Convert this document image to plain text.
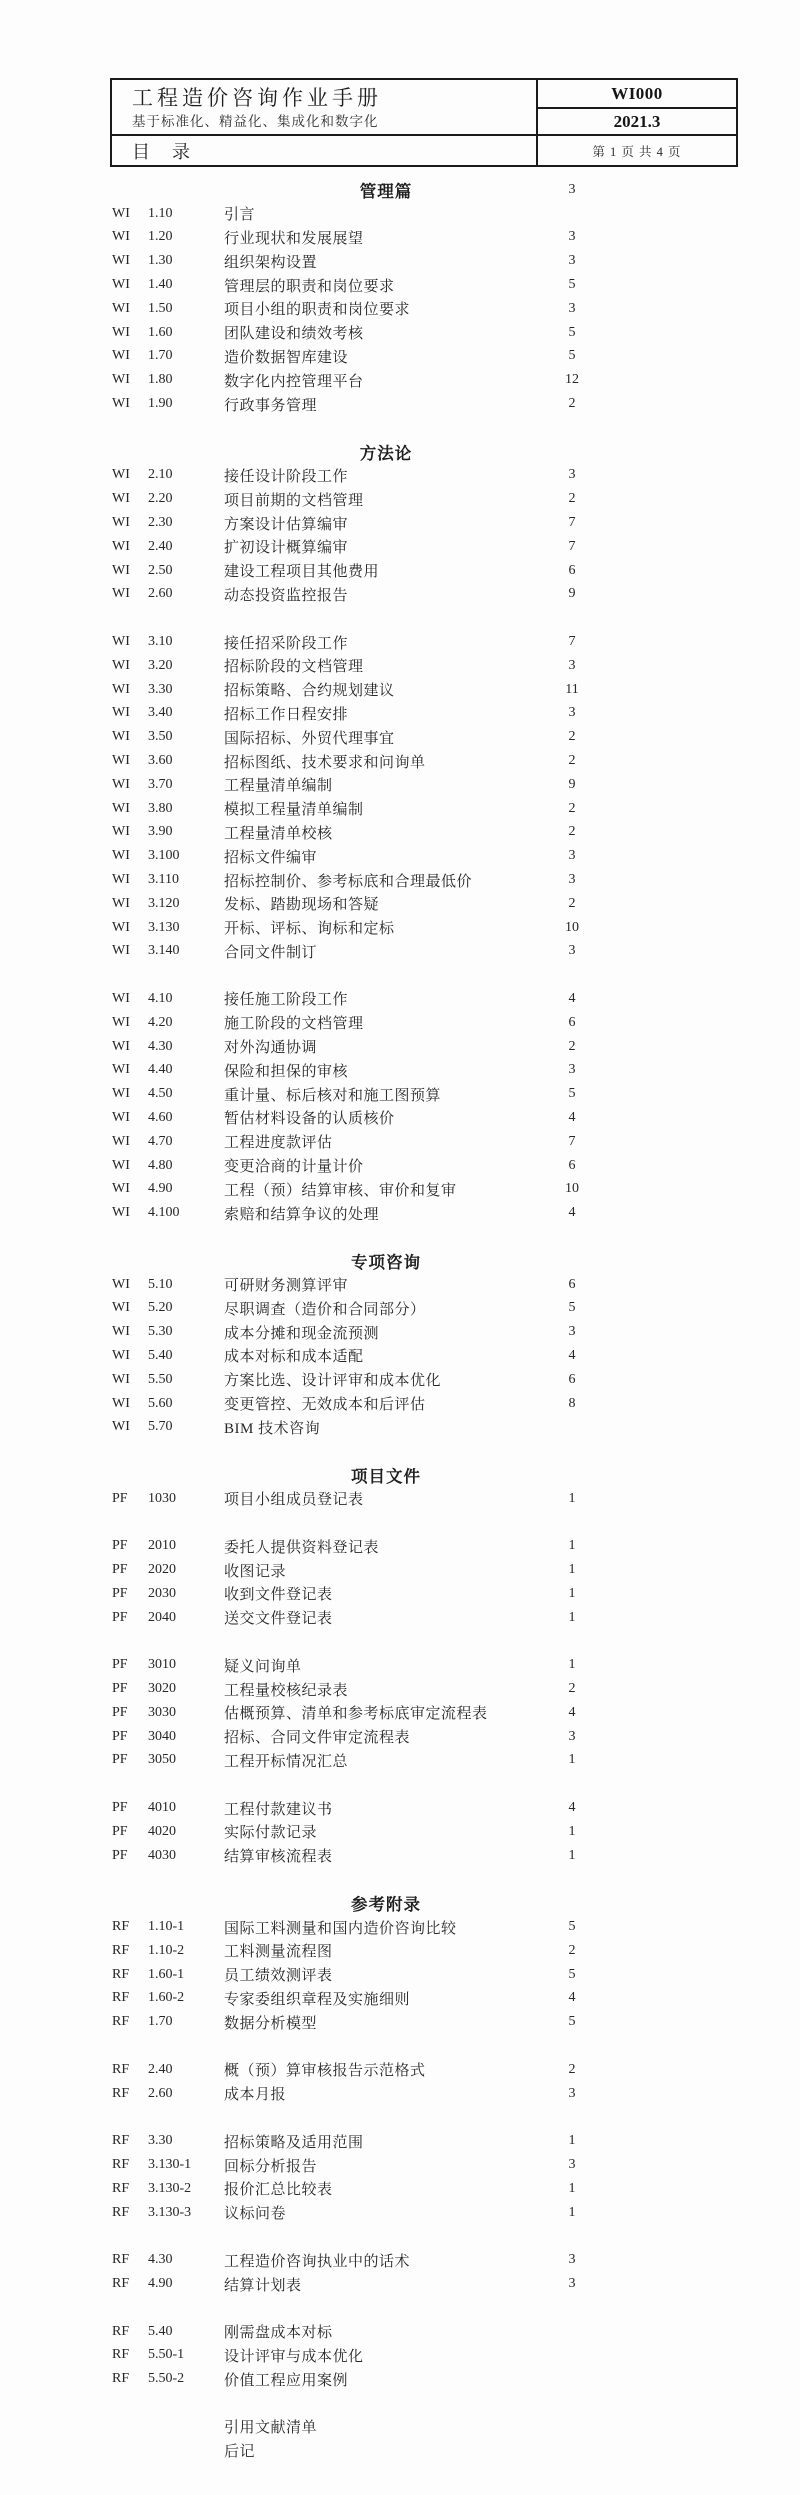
工程造价咨询作业手册
基于标准化、精益化、集成化和数字化
目　录
WI000
2021.3
第 1 页 共 4 页
管理篇	3
WI	1.10	引言
WI	1.20	行业现状和发展展望	3
WI	1.30	组织架构设置	3
WI	1.40	管理层的职责和岗位要求	5
WI	1.50	项目小组的职责和岗位要求	3
WI	1.60	团队建设和绩效考核	5
WI	1.70	造价数据智库建设	5
WI	1.80	数字化内控管理平台	12
WI	1.90	行政事务管理	2
方法论
WI	2.10	接任设计阶段工作	3
WI	2.20	项目前期的文档管理	2
WI	2.30	方案设计估算编审	7
WI	2.40	扩初设计概算编审	7
WI	2.50	建设工程项目其他费用	6
WI	2.60	动态投资监控报告	9
WI	3.10	接任招采阶段工作	7
WI	3.20	招标阶段的文档管理	3
WI	3.30	招标策略、合约规划建议	11
WI	3.40	招标工作日程安排	3
WI	3.50	国际招标、外贸代理事宜	2
WI	3.60	招标图纸、技术要求和问询单	2
WI	3.70	工程量清单编制	9
WI	3.80	模拟工程量清单编制	2
WI	3.90	工程量清单校核	2
WI	3.100	招标文件编审	3
WI	3.110	招标控制价、参考标底和合理最低价	3
WI	3.120	发标、踏勘现场和答疑	2
WI	3.130	开标、评标、询标和定标	10
WI	3.140	合同文件制订	3
WI	4.10	接任施工阶段工作	4
WI	4.20	施工阶段的文档管理	6
WI	4.30	对外沟通协调	2
WI	4.40	保险和担保的审核	3
WI	4.50	重计量、标后核对和施工图预算	5
WI	4.60	暂估材料设备的认质核价	4
WI	4.70	工程进度款评估	7
WI	4.80	变更洽商的计量计价	6
WI	4.90	工程（预）结算审核、审价和复审	10
WI	4.100	索赔和结算争议的处理	4
专项咨询
WI	5.10	可研财务测算评审	6
WI	5.20	尽职调查（造价和合同部分）	5
WI	5.30	成本分摊和现金流预测	3
WI	5.40	成本对标和成本适配	4
WI	5.50	方案比选、设计评审和成本优化	6
WI	5.60	变更管控、无效成本和后评估	8
WI	5.70	BIM 技术咨询
项目文件
PF	1030	项目小组成员登记表	1
PF	2010	委托人提供资料登记表	1
PF	2020	收图记录	1
PF	2030	收到文件登记表	1
PF	2040	送交文件登记表	1
PF	3010	疑义问询单	1
PF	3020	工程量校核纪录表	2
PF	3030	估概预算、清单和参考标底审定流程表	4
PF	3040	招标、合同文件审定流程表	3
PF	3050	工程开标情况汇总	1
PF	4010	工程付款建议书	4
PF	4020	实际付款记录	1
PF	4030	结算审核流程表	1
参考附录
RF	1.10-1	国际工料测量和国内造价咨询比较	5
RF	1.10-2	工料测量流程图	2
RF	1.60-1	员工绩效测评表	5
RF	1.60-2	专家委组织章程及实施细则	4
RF	1.70	数据分析模型	5
RF	2.40	概（预）算审核报告示范格式	2
RF	2.60	成本月报	3
RF	3.30	招标策略及适用范围	1
RF	3.130-1	回标分析报告	3
RF	3.130-2	报价汇总比较表	1
RF	3.130-3	议标问卷	1
RF	4.30	工程造价咨询执业中的话术	3
RF	4.90	结算计划表	3
RF	5.40	刚需盘成本对标
RF	5.50-1	设计评审与成本优化
RF	5.50-2	价值工程应用案例
引用文献清单
后记
